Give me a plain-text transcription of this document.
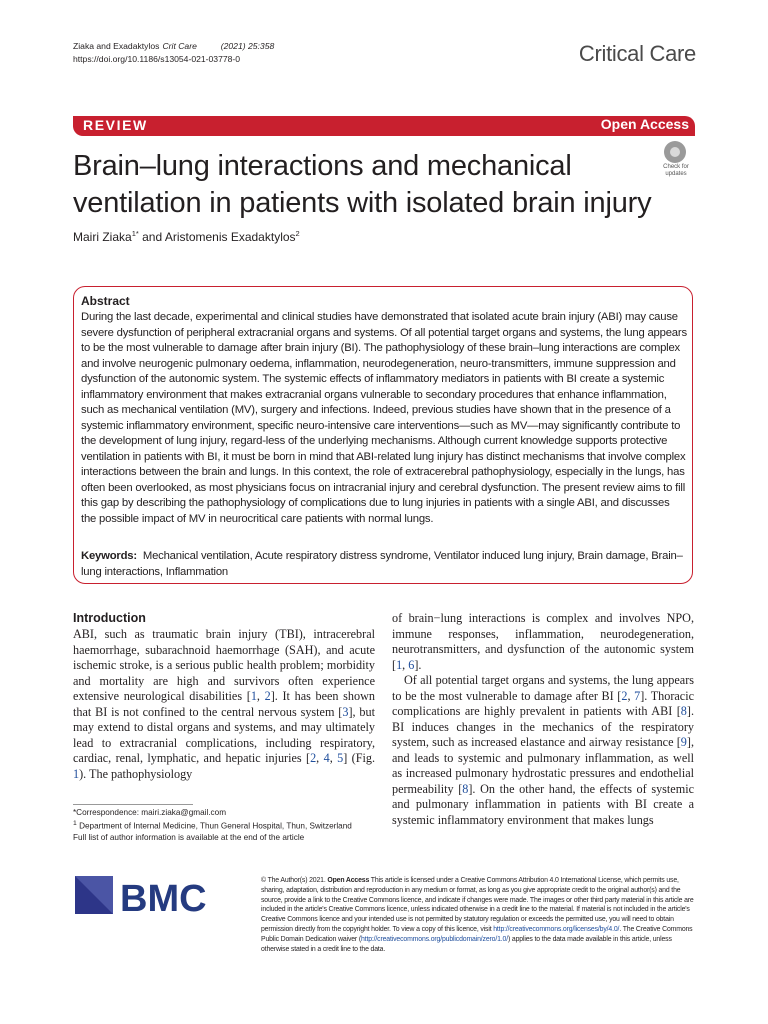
Ziaka and Exadaktylos Crit Care	(2021) 25:358
https://doi.org/10.1186/s13054-021-03778-0	Critical Care
REVIEW	Open Access
Brain–lung interactions and mechanical ventilation in patients with isolated brain injury
Check for
updates
Mairi Ziaka$^{1*}$ and Aristomenis Exadaktylos$^2$
Abstract
During the last decade, experimental and clinical studies have demonstrated that isolated acute brain injury (ABI) may cause severe dysfunction of peripheral extracranial organs and systems. Of all potential target organs and systems, the lung appears to be the most vulnerable to damage after brain injury (BI). The pathophysiology of these brain–lung interactions are complex and involve neurogenic pulmonary oedema, inflammation, neurodegeneration, neuro-transmitters, immune suppression and dysfunction of the autonomic system. The systemic effects of inflammatory mediators in patients with BI create a systemic inflammatory environment that makes extracranial organs vulnerable to secondary procedures that enhance inflammation, such as mechanical ventilation (MV), surgery and infections. Indeed, previous studies have shown that in the presence of a systemic inflammatory environment, specific neuro-intensive care interventions—such as MV—may significantly contribute to the development of lung injury, regard-less of the underlying mechanisms. Although current knowledge supports protective ventilation in patients with BI, it must be born in mind that ABI-related lung injury has distinct mechanisms that involve complex interactions between the brain and lungs. In this context, the role of extracerebral pathophysiology, especially in the lungs, has often been overlooked, as most physicians focus on intracranial injury and cerebral dysfunction. The present review aims to fill this gap by describing the pathophysiology of complications due to lung injuries in patients with a single ABI, and discusses the possible impact of MV in neurocritical care patients with normal lungs.
Keywords: Mechanical ventilation, Acute respiratory distress syndrome, Ventilator induced lung injury, Brain damage, Brain–lung interactions, Inflammation
Introduction
ABI, such as traumatic brain injury (TBI), intracerebral haemorrhage, subarachnoid haemorrhage (SAH), and acute ischemic stroke, is a serious public health problem; morbidity and mortality are high and survivors often experience extensive neurological disabilities [1, 2]. It has been shown that BI is not confined to the central nervous system [3], but may extend to distal organs and systems, and may ultimately lead to extracranial complications, including respiratory, cardiac, renal, lymphatic, and hepatic injuries [2, 4, 5] (Fig. 1). The pathophysiology
of brain−lung interactions is complex and involves NPO, immune responses, inflammation, neurodegeneration, neurotransmitters, and dysfunction of the autonomic system [1, 6].
Of all potential target organs and systems, the lung appears to be the most vulnerable to damage after BI [2, 7]. Thoracic complications are highly prevalent in patients with ABI [8]. BI induces changes in the mechanics of the respiratory system, such as increased elastance and airway resistance [9], and leads to systemic and pulmonary inflammation, as well as increased pulmonary hydrostatic pressures and endothelial permeability [8]. On the other hand, the effects of systemic and pulmonary inflammation in patients with BI create a systemic inflammatory environment that makes lungs
*Correspondence: mairi.ziaka@gmail.com
$^1$ Department of Internal Medicine, Thun General Hospital, Thun, Switzerland
Full list of author information is available at the end of the article
BMC	© The Author(s) 2021. Open Access This article is licensed under a Creative Commons Attribution 4.0 International License, which permits use, sharing, adaptation, distribution and reproduction in any medium or format, as long as you give appropriate credit to the original author(s) and the source, provide a link to the Creative Commons licence, and indicate if changes were made. The images or other third party material in this article are included in the article's Creative Commons licence, unless indicated otherwise in a credit line to the material. If material is not included in the article's Creative Commons licence and your intended use is not permitted by statutory regulation or exceeds the permitted use, you will need to obtain permission directly from the copyright holder. To view a copy of this licence, visit http://creativecommons.org/licenses/by/4.0/. The Creative Commons Public Domain Dedication waiver (http://creativecommons.org/publicdomain/zero/1.0/) applies to the data made available in this article, unless otherwise stated in a credit line to the data.
